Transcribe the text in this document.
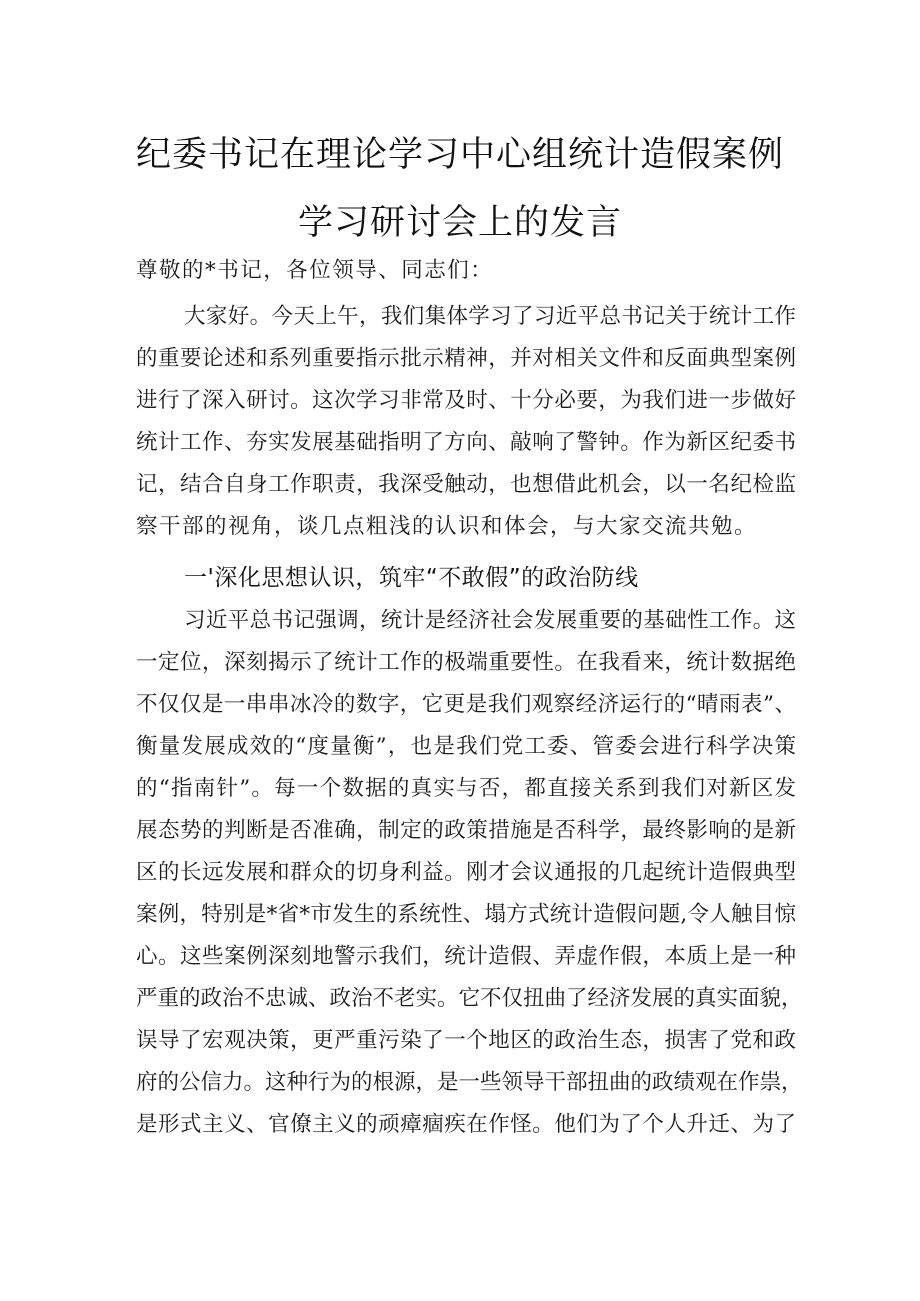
纪委书记在理论学习中心组统计造假案例
学习研讨会上的发言
尊敬的*书记，各位领导、同志们：
大家好。今天上午，我们集体学习了习近平总书记关于统计工作
的重要论述和系列重要指示批示精神，并对相关文件和反面典型案例
进行了深入研讨。这次学习非常及时、十分必要，为我们进一步做好
统计工作、夯实发展基础指明了方向、敲响了警钟。作为新区纪委书
记，结合自身工作职责，我深受触动，也想借此机会，以一名纪检监
察干部的视角，谈几点粗浅的认识和体会，与大家交流共勉。
一'深化思想认识，筑牢“不敢假”的政治防线
习近平总书记强调，统计是经济社会发展重要的基础性工作。这
一定位，深刻揭示了统计工作的极端重要性。在我看来，统计数据绝
不仅仅是一串串冰冷的数字，它更是我们观察经济运行的“晴雨表”、
衡量发展成效的“度量衡”，也是我们党工委、管委会进行科学决策
的“指南针”。每一个数据的真实与否，都直接关系到我们对新区发
展态势的判断是否准确，制定的政策措施是否科学，最终影响的是新
区的长远发展和群众的切身利益。刚才会议通报的几起统计造假典型
案例，特别是*省*市发生的系统性、塌方式统计造假问题,令人触目惊
心。这些案例深刻地警示我们，统计造假、弄虚作假，本质上是一种
严重的政治不忠诚、政治不老实。它不仅扭曲了经济发展的真实面貌，
误导了宏观决策，更严重污染了一个地区的政治生态，损害了党和政
府的公信力。这种行为的根源，是一些领导干部扭曲的政绩观在作祟，
是形式主义、官僚主义的顽瘴痼疾在作怪。他们为了个人升迁、为了
